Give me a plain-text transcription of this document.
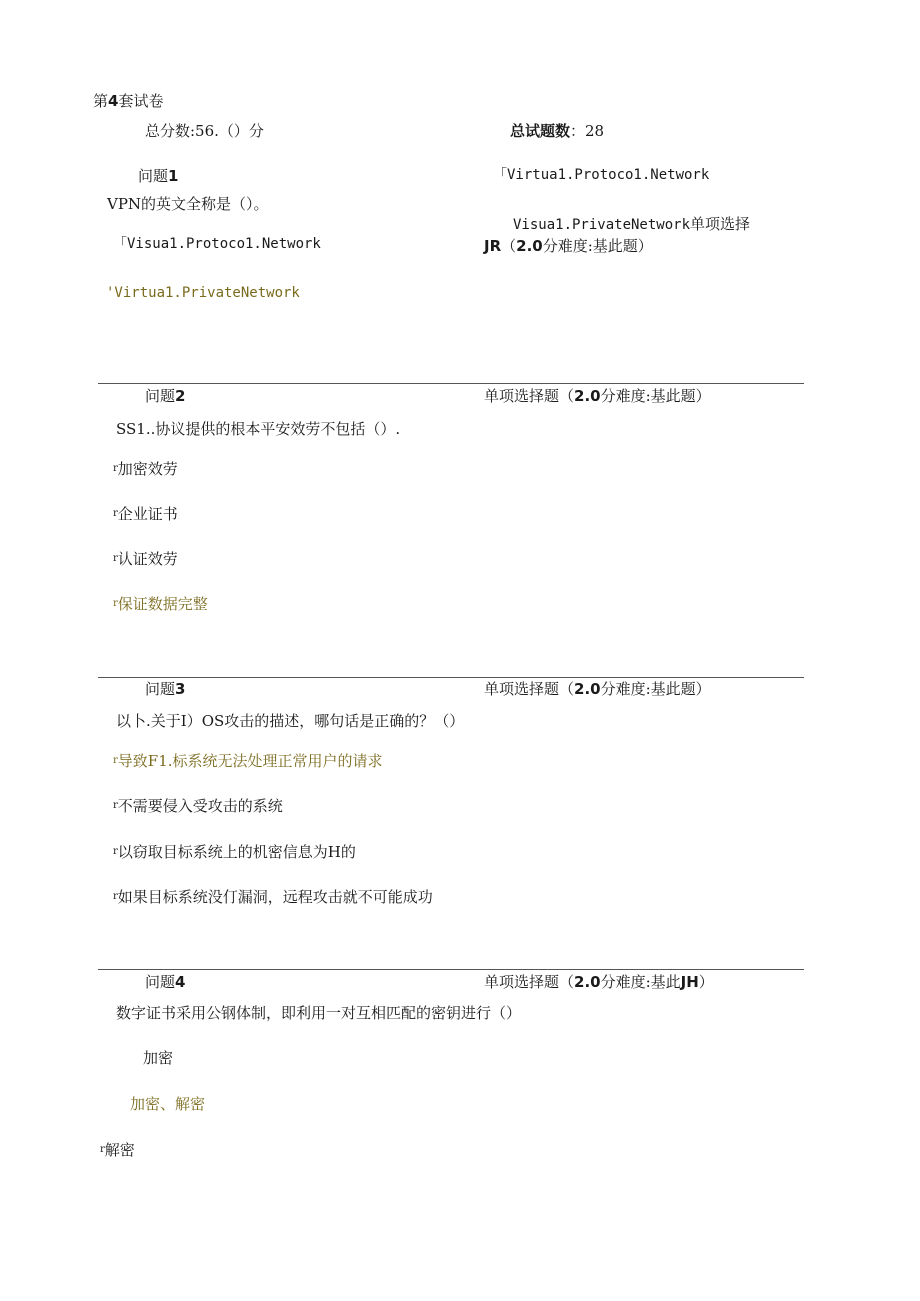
第4套试卷
总分数:56.（）分	总试题数：28
问题1	「Virtua1.Protoco1.Network
VPN的英文全称是（）。
Visua1.PrivateNetwork单项选择
JR（2.0分难度:基此题）
「Visua1.Protoco1.Network
'Virtua1.PrivateNetwork
问题2	单项选择题（2.0分难度:基此题）
SS1..协议提供的根本平安效劳不包括（）.
$^r$加密效劳
$^r$企业证书
$^r$认证效劳
$^r$保证数据完整
问题3	单项选择题（2.0分难度:基此题）
以卜.关于I）OS攻击的描述，哪句话是正确的？（）
$^r$导致F1.标系统无法处理正常用户的请求
$^r$不需要侵入受攻击的系统
$^r$以窃取目标系统上的机密信息为H的
$^r$如果目标系统没仃漏洞，远程攻击就不可能成功
问题4	单项选择题（2.0分难度:基此JH）
数字证书采用公钢体制，即利用一对互相匹配的密钥进行（）
加密
加密、解密
$^r$解密
